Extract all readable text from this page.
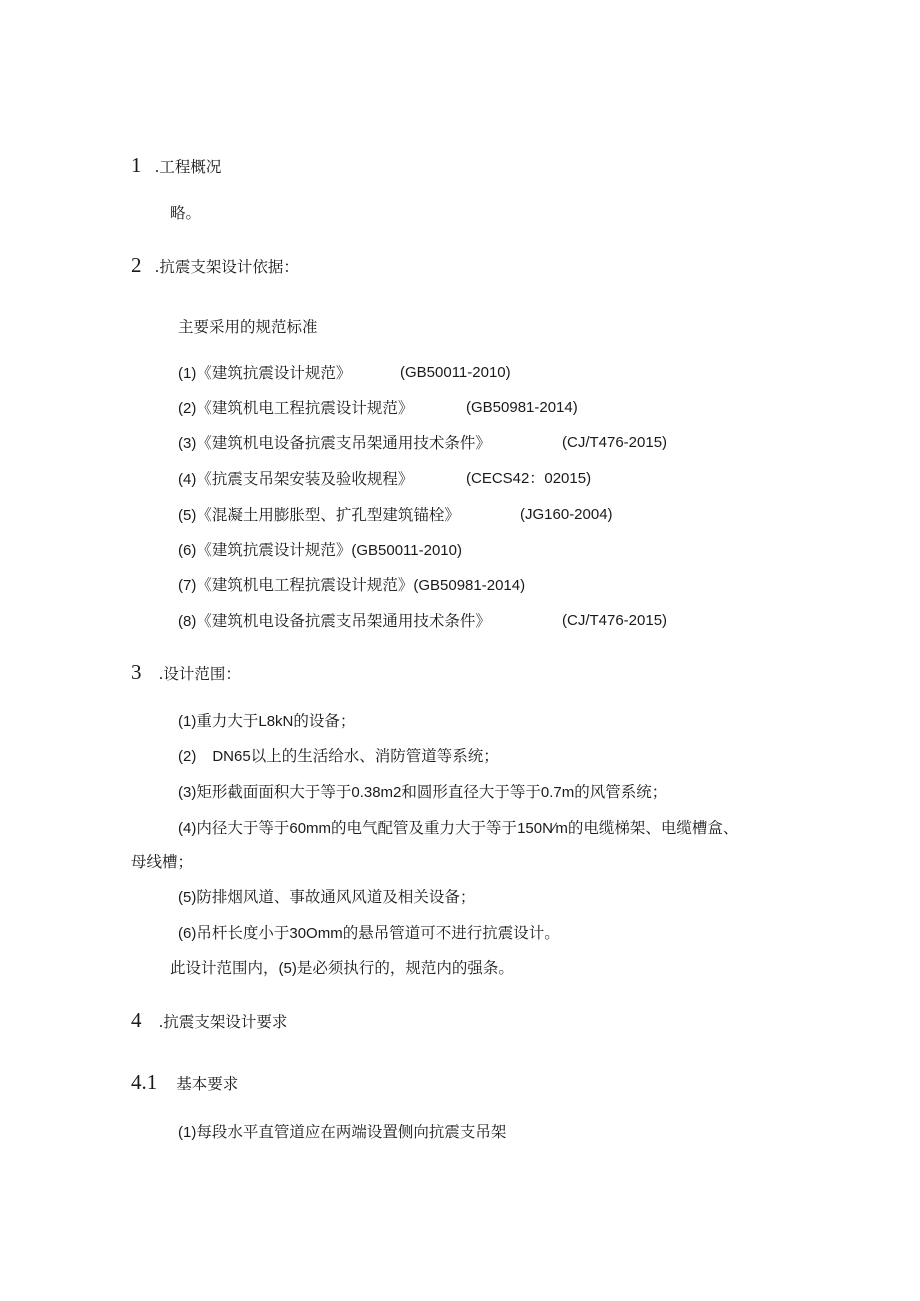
1 .工程概况
略。
2 .抗震支架设计依据：
主要采用的规范标准
(1)《建筑抗震设计规范》	(GB50011-2010)
(2)《建筑机电工程抗震设计规范》	(GB50981-2014)
(3)《建筑机电设备抗震支吊架通用技术条件》	(CJ/T476-2015)
(4)《抗震支吊架安装及验收规程》	(CECS42：02015)
(5)《混凝土用膨胀型、扩孔型建筑锚栓》	(JG160-2004)
(6)《建筑抗震设计规范》(GB50011-2010)
(7)《建筑机电工程抗震设计规范》(GB50981-2014)
(8)《建筑机电设备抗震支吊架通用技术条件》	(CJ/T476-2015)
3 .设计范围：
(1)重力大于L8kN的设备；
(2) DN65以上的生活给水、消防管道等系统；
(3)矩形截面面积大于等于0.38m2和圆形直径大于等于0.7m的风管系统；
(4)内径大于等于60mm的电气配管及重力大于等于150N∕m的电缆梯架、电缆槽盒、
母线槽；
(5)防排烟风道、事故通风风道及相关设备；
(6)吊杆长度小于30Omm的悬吊管道可不进行抗震设计。
此设计范围内，(5)是必须执行的，规范内的强条。
4 .抗震支架设计要求
4.1 基本要求
(1)每段水平直管道应在两端设置侧向抗震支吊架
